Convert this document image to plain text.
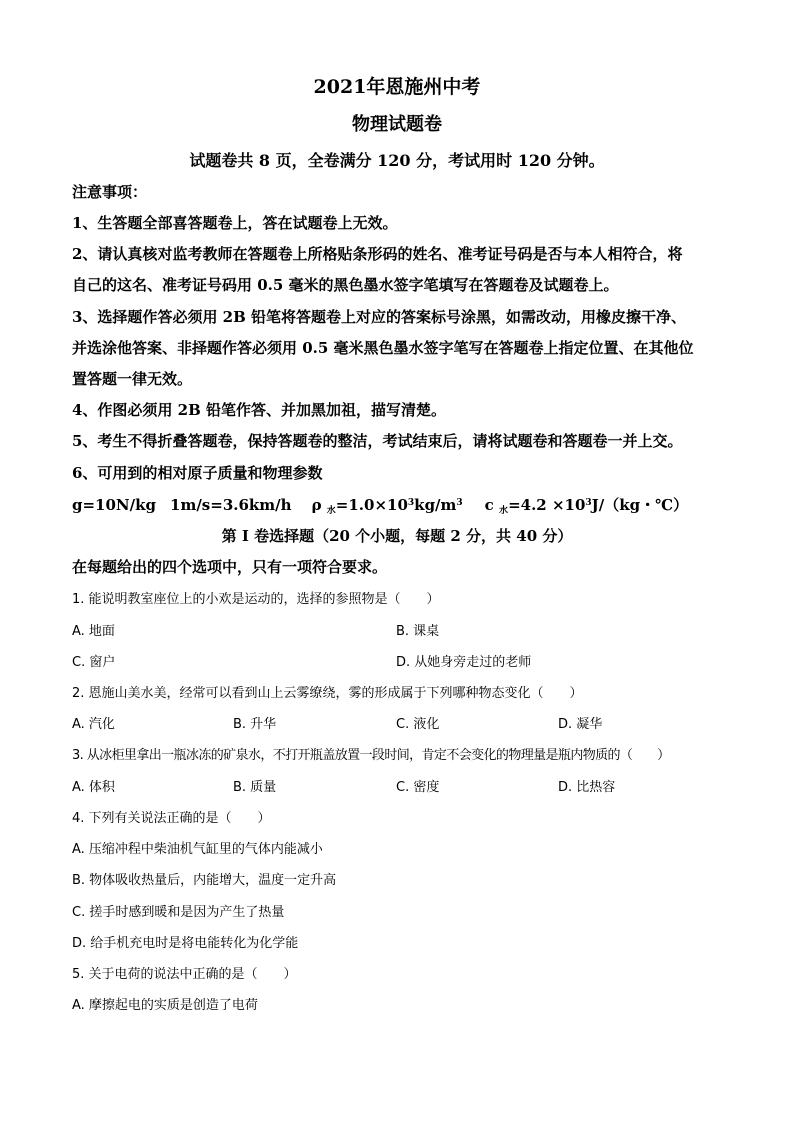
2021年恩施州中考
物理试题卷
试题卷共 8 页，全卷满分 120 分，考试用时 120 分钟。
注意事项：
1、生答题全部喜答题卷上，答在试题卷上无效。
2、请认真核对监考教师在答题卷上所格贴条形码的姓名、准考证号码是否与本人相符合，将
自己的这名、准考证号码用 0.5 毫米的黑色墨水签字笔填写在答题卷及试题卷上。
3、选择题作答必须用 2B 铅笔将答题卷上对应的答案标号涂黑，如需改动，用橡皮擦干净、
并选涂他答案、非择题作答必须用 0.5 毫米黑色墨水签字笔写在答题卷上指定位置、在其他位
置答题一律无效。
4、作图必须用 2B 铅笔作答、并加黑加祖，描写清楚。
5、考生不得折叠答题卷，保持答题卷的整洁，考试结束后，请将试题卷和答题卷一并上交。
6、可用到的相对原子质量和物理参数
g=10N/kg 1m/s=3.6km/h ρ $_水=1.0\times 10^3kg/m^3$ c $_水=4.2 \times 10^3J/(kg$・℃）
第 I 卷选择题（20 个小题，每题 2 分，共 40 分）
在每题给出的四个选项中，只有一项符合要求。
1. 能说明教室座位上的小欢是运动的，选择的参照物是（　　）
A. 地面	B. 课桌
C. 窗户	D. 从她身旁走过的老师
2. 恩施山美水美，经常可以看到山上云雾缭绕，雾的形成属于下列哪种物态变化（　　）
A. 汽化	B. 升华	C. 液化	D. 凝华
3. 从冰柜里拿出一瓶冰冻的矿泉水，不打开瓶盖放置一段时间，肯定不会变化的物理量是瓶内物质的（　　）
A. 体积	B. 质量	C. 密度	D. 比热容
4. 下列有关说法正确的是（　　）
A. 压缩冲程中柴油机气缸里的气体内能减小
B. 物体吸收热量后，内能增大，温度一定升高
C. 搓手时感到暖和是因为产生了热量
D. 给手机充电时是将电能转化为化学能
5. 关于电荷的说法中正确的是（　　）
A. 摩擦起电的实质是创造了电荷
